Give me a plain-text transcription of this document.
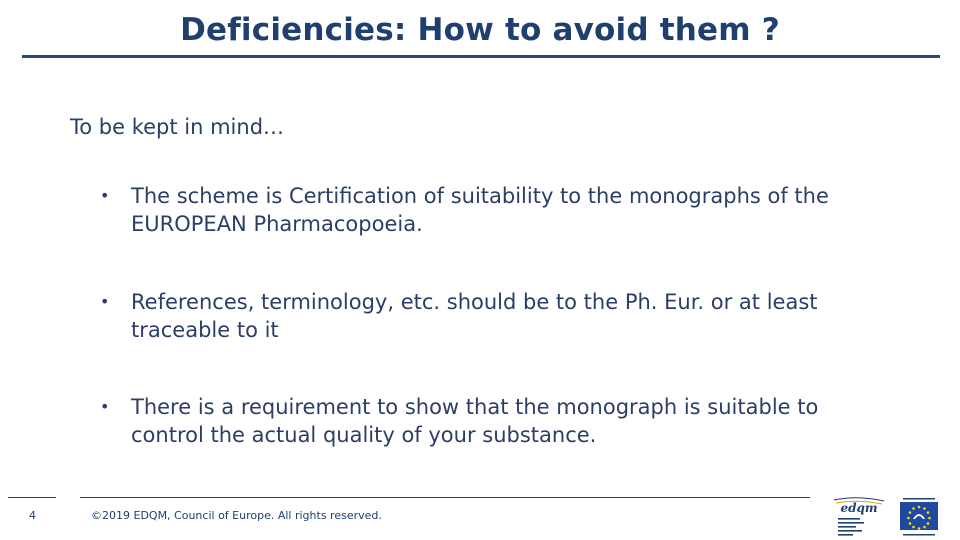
Deficiencies: How to avoid them ?
To be kept in mind…
•	The scheme is Certification of suitability to the monographs of the EUROPEAN Pharmacopoeia.
•	References, terminology, etc. should be to the Ph. Eur. or at least traceable to it
•	There is a requirement to show that the monograph is suitable to control the actual quality of your substance.
4	©2019 EDQM, Council of Europe. All rights reserved.
edqm
